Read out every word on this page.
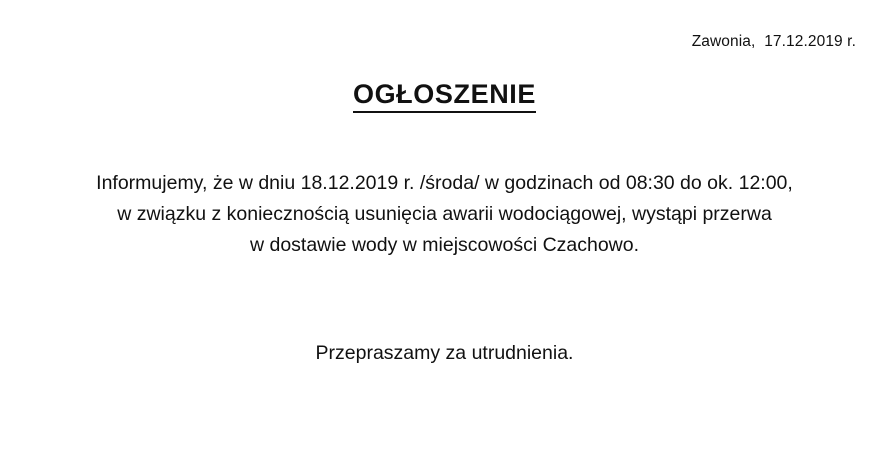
Zawonia,  17.12.2019 r.
OGŁOSZENIE
Informujemy, że w dniu 18.12.2019 r. /środa/ w godzinach od 08:30 do ok. 12:00,
w związku z koniecznością usunięcia awarii wodociągowej, wystąpi przerwa
w dostawie wody w miejscowości Czachowo.
Przepraszamy za utrudnienia.
